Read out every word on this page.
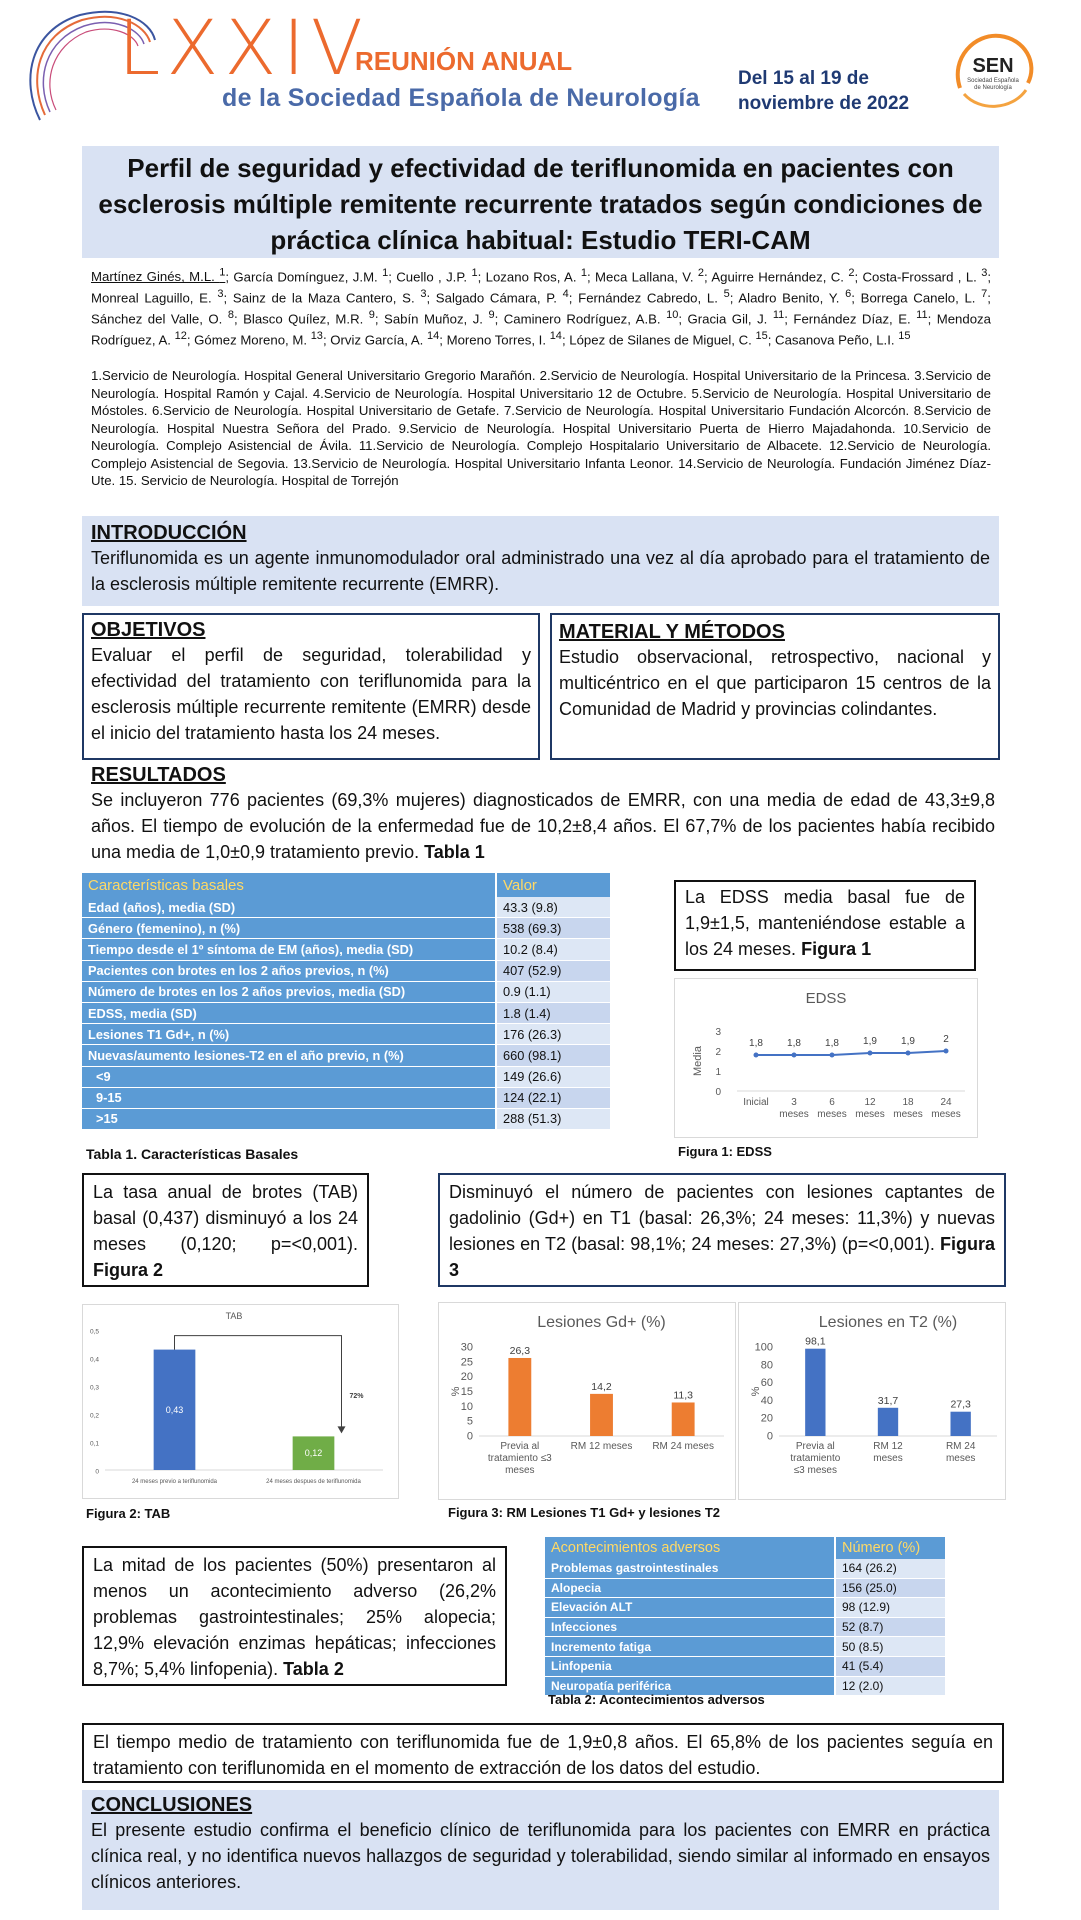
LXXIV
REUNIÓN ANUAL
de la Sociedad Española de Neurología
Del 15 al 19 de
noviembre de 2022
SEN
Sociedad Española
de Neurología
Perfil de seguridad y efectividad de teriflunomida en pacientes con esclerosis múltiple remitente recurrente tratados según condiciones de práctica clínica habitual: Estudio TERI-CAM
Martínez Ginés, M.L. $^1$; García Domínguez, J.M. $^1$; Cuello , J.P. $^1$; Lozano Ros, A. $^1$; Meca Lallana, V. $^2$; Aguirre Hernández, C. $^2$; Costa-Frossard , L. $^3$; Monreal Laguillo, E. $^3$; Sainz de la Maza Cantero, S. $^3$; Salgado Cámara, P. $^4$; Fernández Cabredo, L. $^5$; Aladro Benito, Y. $^6$; Borrega Canelo, L. $^7$; Sánchez del Valle, O. $^8$; Blasco Quílez, M.R. $^9$; Sabín Muñoz, J. $^9$; Caminero Rodríguez, A.B. $^{10}$; Gracia Gil, J. $^{11}$; Fernández Díaz, E. $^{11}$; Mendoza Rodríguez, A. $^{12}$; Gómez Moreno, M. $^{13}$; Orviz García, A. $^{14}$; Moreno Torres, I. $^{14}$; López de Silanes de Miguel, C. $^{15}$; Casanova Peño, L.I. $^{15}$
1.Servicio de Neurología. Hospital General Universitario Gregorio Marañón. 2.Servicio de Neurología. Hospital Universitario de la Princesa. 3.Servicio de Neurología. Hospital Ramón y Cajal. 4.Servicio de Neurología. Hospital Universitario 12 de Octubre. 5.Servicio de Neurología. Hospital Universitario de Móstoles. 6.Servicio de Neurología. Hospital Universitario de Getafe. 7.Servicio de Neurología. Hospital Universitario Fundación Alcorcón. 8.Servicio de Neurología. Hospital Nuestra Señora del Prado. 9.Servicio de Neurología. Hospital Universitario Puerta de Hierro Majadahonda. 10.Servicio de Neurología. Complejo Asistencial de Ávila. 11.Servicio de Neurología. Complejo Hospitalario Universitario de Albacete. 12.Servicio de Neurología. Complejo Asistencial de Segovia. 13.Servicio de Neurología. Hospital Universitario Infanta Leonor. 14.Servicio de Neurología. Fundación Jiménez Díaz-Ute. 15. Servicio de Neurología. Hospital de Torrejón
INTRODUCCIÓN
Teriflunomida es un agente inmunomodulador oral administrado una vez al día aprobado para el tratamiento de la esclerosis múltiple remitente recurrente (EMRR).
OBJETIVOS
Evaluar el perfil de seguridad, tolerabilidad y efectividad del tratamiento con teriflunomida para la esclerosis múltiple recurrente remitente (EMRR) desde el inicio del tratamiento hasta los 24 meses.
MATERIAL Y MÉTODOS
Estudio observacional, retrospectivo, nacional y multicéntrico en el que participaron 15 centros de la Comunidad de Madrid y provincias colindantes.
RESULTADOS
Se incluyeron 776 pacientes (69,3% mujeres) diagnosticados de EMRR, con una media de edad de 43,3±9,8 años. El tiempo de evolución de la enfermedad fue de 10,2±8,4 años. El 67,7% de los pacientes había recibido una media de 1,0±0,9 tratamiento previo. Tabla 1
Características basales	Valor
Edad (años), media (SD)	43.3 (9.8)
Género (femenino), n (%)	538 (69.3)
Tiempo desde el 1º síntoma de EM (años), media (SD)	10.2 (8.4)
Pacientes con brotes en los 2 años previos, n (%)	407 (52.9)
Número de brotes en los 2 años previos, media (SD)	0.9 (1.1)
EDSS, media (SD)	1.8 (1.4)
Lesiones T1 Gd+, n (%)	176 (26.3)
Nuevas/aumento lesiones-T2 en el año previo, n (%)	660 (98.1)
<9	149 (26.6)
9-15	124 (22.1)
>15	288 (51.3)
Tabla 1. Características Basales
La EDSS media basal fue de 1,9±1,5, manteniéndose estable a los 24 meses. Figura 1
EDSS
Media
0
1
2
3
1,8
Inicial
1,8
3
meses
1,8
6
meses
1,9
12
meses
1,9
18
meses
2
24
meses
Figura 1: EDSS
La tasa anual de brotes (TAB) basal (0,437) disminuyó a los 24 meses (0,120; p=<0,001). Figura 2
Disminuyó el número de pacientes con lesiones captantes de gadolinio (Gd+) en T1 (basal: 26,3%; 24 meses: 11,3%) y nuevas lesiones en T2 (basal: 98,1%; 24 meses: 27,3%) (p=<0,001). Figura 3
TAB
0
0,1
0,2
0,3
0,4
0,5
0,43
24 meses previo a teriflunomida
0,12
24 meses despues de teriflunomida
72%
Figura 2: TAB
Lesiones Gd+ (%)
%
0
5
10
15
20
25
30	26,3
Previa al
tratamiento ≤3
meses
14,2
RM 12 meses
11,3
RM 24 meses
Lesiones en T2 (%)
%
0
20
40
60
80
100	98,1
Previa al
tratamiento
≤3 meses
31,7
RM 12
meses
27,3
RM 24
meses
Figura 3: RM Lesiones T1 Gd+ y lesiones T2
La mitad de los pacientes (50%) presentaron al menos un acontecimiento adverso (26,2% problemas gastrointestinales; 25% alopecia; 12,9% elevación enzimas hepáticas; infecciones 8,7%; 5,4% linfopenia). Tabla 2
Acontecimientos adversos	Número (%)
Problemas gastrointestinales	164 (26.2)
Alopecia	156 (25.0)
Elevación ALT	98 (12.9)
Infecciones	52 (8.7)
Incremento fatiga	50 (8.5)
Linfopenia	41 (5.4)
Neuropatía periférica	12 (2.0)
Tabla 2: Acontecimientos adversos
El tiempo medio de tratamiento con teriflunomida fue de 1,9±0,8 años. El 65,8% de los pacientes seguía en tratamiento con teriflunomida en el momento de extracción de los datos del estudio.
CONCLUSIONES
El presente estudio confirma el beneficio clínico de teriflunomida para los pacientes con EMRR en práctica clínica real, y no identifica nuevos hallazgos de seguridad y tolerabilidad, siendo similar al informado en ensayos clínicos anteriores.
